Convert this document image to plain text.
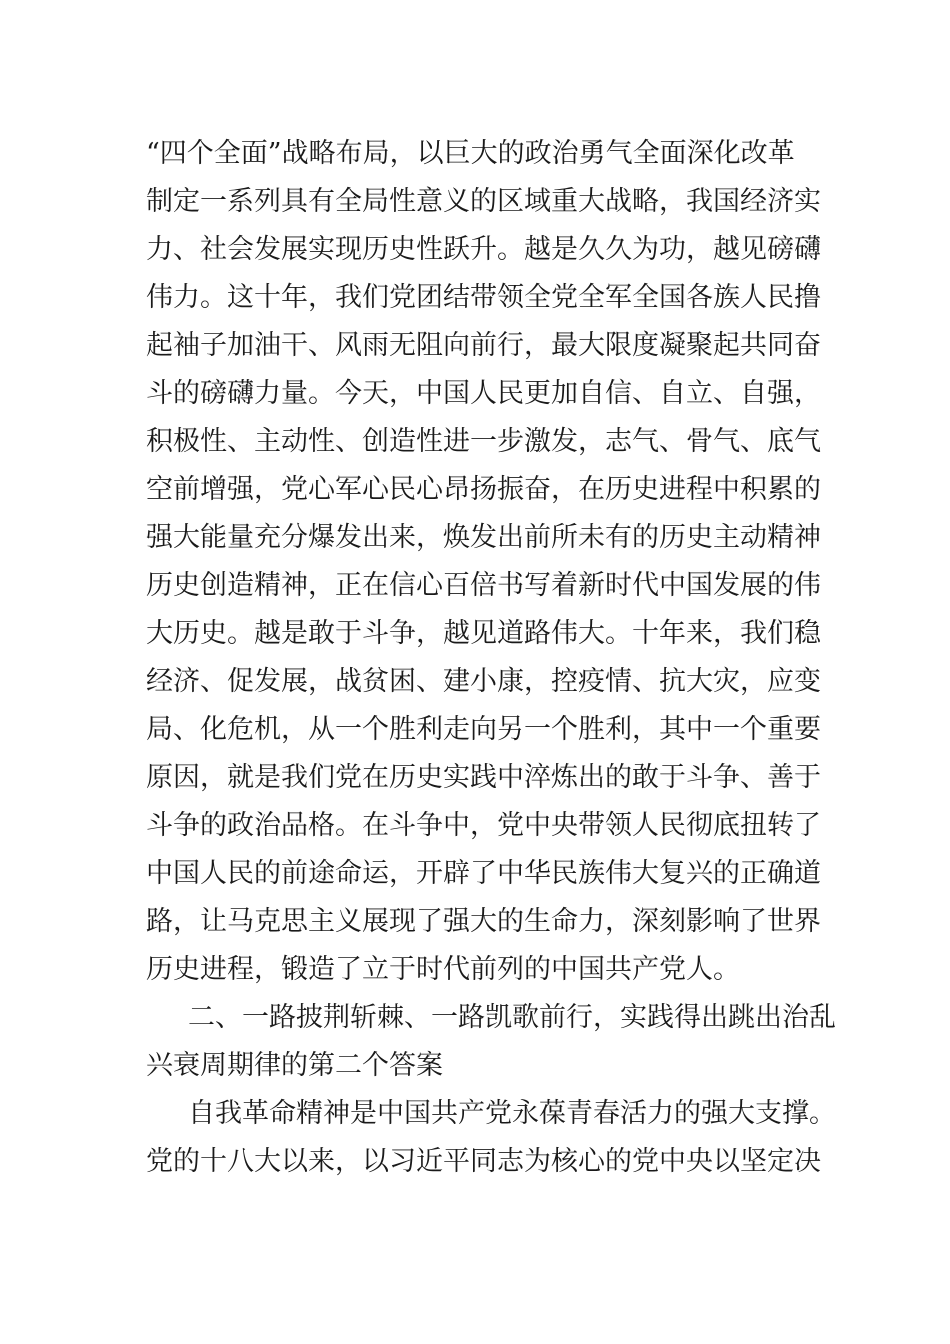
“四个全面”战略布局，以巨大的政治勇气全面深化改革
制定一系列具有全局性意义的区域重大战略，我国经济实
力、社会发展实现历史性跃升。越是久久为功，越见磅礴
伟力。这十年，我们党团结带领全党全军全国各族人民撸
起袖子加油干、风雨无阻向前行，最大限度凝聚起共同奋
斗的磅礴力量。今天，中国人民更加自信、自立、自强，
积极性、主动性、创造性进一步激发，志气、骨气、底气
空前增强，党心军心民心昂扬振奋，在历史进程中积累的
强大能量充分爆发出来，焕发出前所未有的历史主动精神
历史创造精神，正在信心百倍书写着新时代中国发展的伟
大历史。越是敢于斗争，越见道路伟大。十年来，我们稳
经济、促发展，战贫困、建小康，控疫情、抗大灾，应变
局、化危机，从一个胜利走向另一个胜利，其中一个重要
原因，就是我们党在历史实践中淬炼出的敢于斗争、善于
斗争的政治品格。在斗争中，党中央带领人民彻底扭转了
中国人民的前途命运，开辟了中华民族伟大复兴的正确道
路，让马克思主义展现了强大的生命力，深刻影响了世界
历史进程，锻造了立于时代前列的中国共产党人。
二、一路披荆斩棘、一路凯歌前行，实践得出跳出治乱
兴衰周期律的第二个答案
自我革命精神是中国共产党永葆青春活力的强大支撑。
党的十八大以来，以习近平同志为核心的党中央以坚定决
